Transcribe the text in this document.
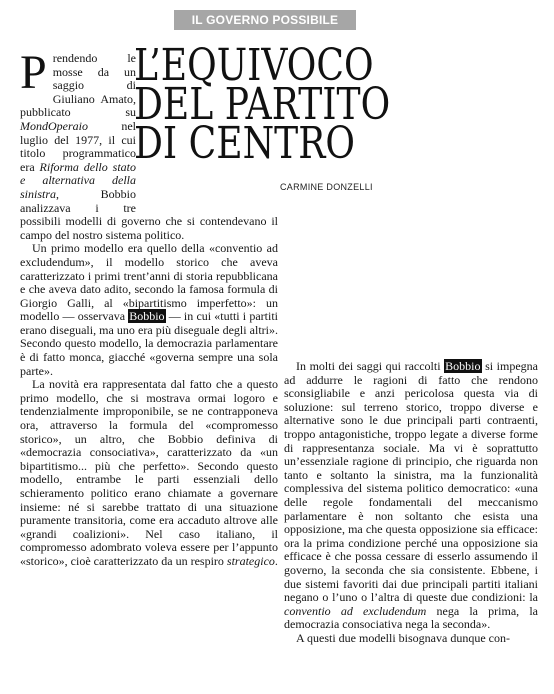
IL GOVERNO POSSIBILE
L’EQUIVOCO
DEL PARTITO
DI CENTRO
CARMINE DONZELLI

Prendendo le mosse da un saggio di Giuliano Amato, pubblicato su MondOperaio nel luglio del 1977, il cui titolo programmatico era Riforma dello stato e alternativa della sinistra, Bobbio analizzava i tre possibili modelli di governo che si contendevano il campo del nostro sistema politico.

Un primo modello era quello della «conventio ad excludendum», il modello storico che aveva caratterizzato i primi trent’anni di storia repubblicana e che aveva dato adito, secondo la famosa formula di Giorgio Galli, al «bipartitismo imperfetto»: un modello — osservava Bobbio — in cui «tutti i partiti erano diseguali, ma uno era più diseguale degli altri». Secondo questo modello, la democrazia parlamentare è di fatto monca, giacché «governa sempre una sola parte».

La novità era rappresentata dal fatto che a questo primo modello, che si mostrava ormai logoro e tendenzialmente improponibile, se ne contrapponeva ora, attraverso la formula del «compromesso storico», un altro, che Bobbio definiva di «democrazia consociativa», caratterizzato da «un bipartitismo... più che perfetto». Secondo questo modello, entrambe le parti essenziali dello schieramento politico erano chiamate a governare insieme: né si sarebbe trattato di una situazione puramente transitoria, come era accaduto altrove alle «grandi coalizioni». Nel caso italiano, il compromesso adombrato voleva essere per l’appunto «storico», cioè caratterizzato da un respiro strategico.

In molti dei saggi qui raccolti Bobbio si impegna ad addurre le ragioni di fatto che rendono sconsigliabile e anzi pericolosa questa via di soluzione: sul terreno storico, troppo diverse e alternative sono le due principali parti contraenti, troppo antagonistiche, troppo legate a diverse forme di rappresentanza sociale. Ma vi è soprattutto un’essenziale ragione di principio, che riguarda non tanto e soltanto la sinistra, ma la funzionalità complessiva del sistema politico democratico: «una delle regole fondamentali del meccanismo parlamentare è non soltanto che esista una opposizione, ma che questa opposizione sia efficace: ora la prima condizione perché una opposizione sia efficace è che possa cessare di esserlo assumendo il governo, la seconda che sia consistente. Ebbene, i due sistemi favoriti dai due principali partiti italiani negano o l’uno o l’altra di queste due condizioni: la conventio ad excludendum nega la prima, la democrazia consociativa nega la seconda».

A questi due modelli bisognava dunque con-
